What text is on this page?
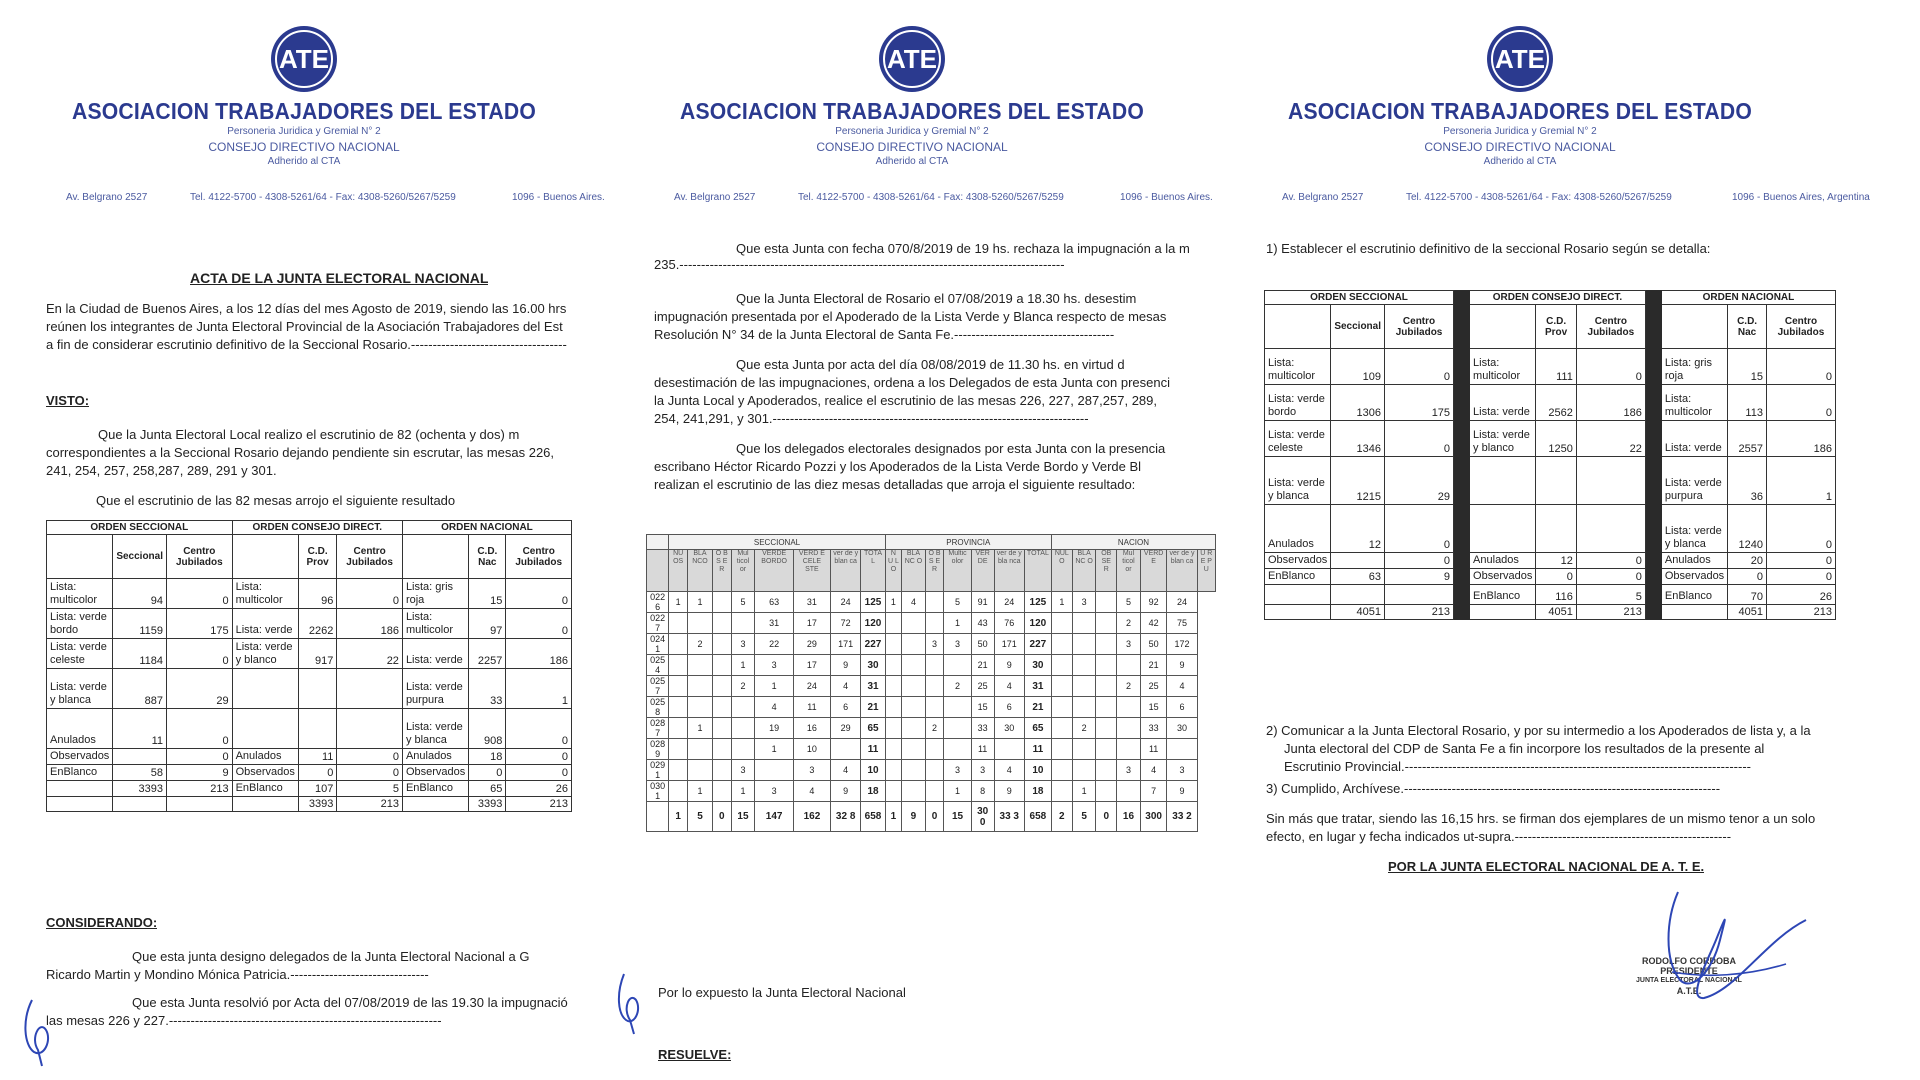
ATE
ASOCIACION TRABAJADORES DEL ESTADO
Personeria Juridica y Gremial N° 2
CONSEJO DIRECTIVO NACIONAL
Adherido al CTA
Av. Belgrano 2527	Tel. 4122-5700 - 4308-5261/64 - Fax: 4308-5260/5267/5259	1096 - Buenos Aires.
ACTA DE LA JUNTA ELECTORAL NACIONAL
En la Ciudad de Buenos Aires, a los 12 días del mes Agosto de 2019, siendo las 16.00 hrs
reúnen los integrantes de Junta Electoral Provincial de la Asociación Trabajadores del Est
a fin de considerar escrutinio definitivo de la Seccional Rosario.------------------------------------
VISTO:
Que la Junta Electoral Local realizo el escrutinio de 82 (ochenta y dos) m
correspondientes a la Seccional Rosario dejando pendiente sin escrutar, las mesas 226,
241, 254, 257, 258,287, 289, 291 y 301.
Que el escrutinio de las 82 mesas arrojo el siguiente resultado
ORDEN SECCIONAL			ORDEN CONSEJO DIRECT.			ORDEN NACIONAL		
	Seccional	Centro Jubilados		C.D. Prov	Centro Jubilados		C.D. Nac	Centro Jubilados
Lista: multicolor	94	0	Lista: multicolor	96	0	Lista: gris roja	15	0
Lista: verde bordo	1159	175	Lista: verde	2262	186	Lista: multicolor	97	0
Lista: verde celeste	1184	0	Lista: verde y blanco	917	22	Lista: verde	2257	186
Lista: verde y blanca	887	29				Lista: verde purpura	33	1
Anulados	11	0				Lista: verde y blanca	908	0
Observados		0	Anulados	11	0	Anulados	18	0
EnBlanco	58	9	Observados	0	0	Observados	0	0
	3393	213	EnBlanco	107	5	EnBlanco	65	26
				3393	213		3393	213
CONSIDERANDO:
Que esta junta designo delegados de la Junta Electoral Nacional a G
Ricardo Martin y Mondino Mónica Patricia.--------------------------------
Que esta Junta resolvió por Acta del 07/08/2019 de las 19.30 la impugnació
las mesas 226 y 227.---------------------------------------------------------------
ATE
ASOCIACION TRABAJADORES DEL ESTADO
Personeria Juridica y Gremial N° 2
CONSEJO DIRECTIVO NACIONAL
Adherido al CTA
Av. Belgrano 2527	Tel. 4122-5700 - 4308-5261/64 - Fax: 4308-5260/5267/5259	1096 - Buenos Aires.
Que esta Junta con fecha 070/8/2019 de 19 hs. rechaza la impugnación a la m
235.-----------------------------------------------------------------------------------------
Que la Junta Electoral de Rosario el 07/08/2019 a 18.30 hs. desestim
impugnación presentada por el Apoderado de la Lista Verde y Blanca respecto de mesas
Resolución N° 34 de la Junta Electoral de Santa Fe.-------------------------------------
Que esta Junta por acta del día 08/08/2019 de 11.30 hs. en virtud d
desestimación de las impugnaciones, ordena a los Delegados de esta Junta con presenci
la Junta Local y Apoderados, realice el escrutinio de las mesas 226, 227, 287,257, 289,
254, 241,291, y 301.-------------------------------------------------------------------------
Que los delegados electorales designados por esta Junta con la presencia
escribano Héctor Ricardo Pozzi y los Apoderados de la Lista Verde Bordo y Verde Bl
realizan el escrutinio de las diez mesas detalladas que arroja el siguiente resultado:
	SECCIONAL								PROVINCIA							NACION						
	NU OS	BLA NCO	O B S E R	Mul ticol or	VERDE BORDO	VERD E CELE STE	ver de y blan ca	TOTA L	N U L O	BLA NC O	O B S E R	Multic olor	VER DE	ver de y bla nca	TOTAL	NUL O	BLA NC O	OB SE R	Mul ticol or	VERD E	ver de y blan ca	U R E P U
022 6	1	1		5	63	31	24	125	1	4		5	91	24	125	1	3		5	92	24	
022 7					31	17	72	120				1	43	76	120				2	42	75	
024 1		2		3	22	29	171	227			3	3	50	171	227				3	50	172	
025 4				1	3	17	9	30					21	9	30					21	9	
025 7				2	1	24	4	31				2	25	4	31				2	25	4	
025 8					4	11	6	21					15	6	21					15	6	
028 7		1			19	16	29	65			2		33	30	65		2			33	30	
028 9					1	10		11					11		11					11		
029 1				3		3	4	10				3	3	4	10				3	4	3	
030 1		1		1	3	4	9	18				1	8	9	18		1			7	9	
	1	5	0	15	147	162	32 8	658	1	9	0	15	30 0	33 3	658	2	5	0	16	300	33 2	
Por lo expuesto la Junta Electoral Nacional
RESUELVE:
ATE
ASOCIACION TRABAJADORES DEL ESTADO
Personeria Juridica y Gremial N° 2
CONSEJO DIRECTIVO NACIONAL
Adherido al CTA
Av. Belgrano 2527	Tel. 4122-5700 - 4308-5261/64 - Fax: 4308-5260/5267/5259	1096 - Buenos Aires, Argentina
1) Establecer el escrutinio definitivo de la seccional Rosario según se detalla:
ORDEN SECCIONAL				ORDEN CONSEJO DIRECT.				ORDEN NACIONAL		
	Seccional	Centro Jubilados			C.D. Prov	Centro Jubilados			C.D. Nac	Centro Jubilados
Lista: multicolor	109	0		Lista: multicolor	111	0		Lista: gris roja	15	0
Lista: verde bordo	1306	175		Lista: verde	2562	186		Lista: multicolor	113	0
Lista: verde celeste	1346	0		Lista: verde y blanco	1250	22		Lista: verde	2557	186
Lista: verde y blanca	1215	29						Lista: verde purpura	36	1
Anulados	12	0						Lista: verde y blanca	1240	0
Observados		0		Anulados	12	0		Anulados	20	0
EnBlanco	63	9		Observados	0	0		Observados	0	0
				EnBlanco	116	5		EnBlanco	70	26
	4051	213			4051	213			4051	213
2) Comunicar a la Junta Electoral Rosario, y por su intermedio a los Apoderados de lista y, a la
Junta electoral del CDP de Santa Fe a fin incorpore los resultados de la presente al
Escrutinio Provincial.--------------------------------------------------------------------------------
3) Cumplido, Archívese.-------------------------------------------------------------------------
Sin más que tratar, siendo las 16,15 hrs. se firman dos ejemplares de un mismo tenor a un solo
efecto, en lugar y fecha indicados ut-supra.--------------------------------------------------
POR LA JUNTA ELECTORAL NACIONAL DE A. T. E.
RODOLFO CORDOBA
PRESIDENTE
JUNTA ELECTORAL NACIONAL
A.T.E.
